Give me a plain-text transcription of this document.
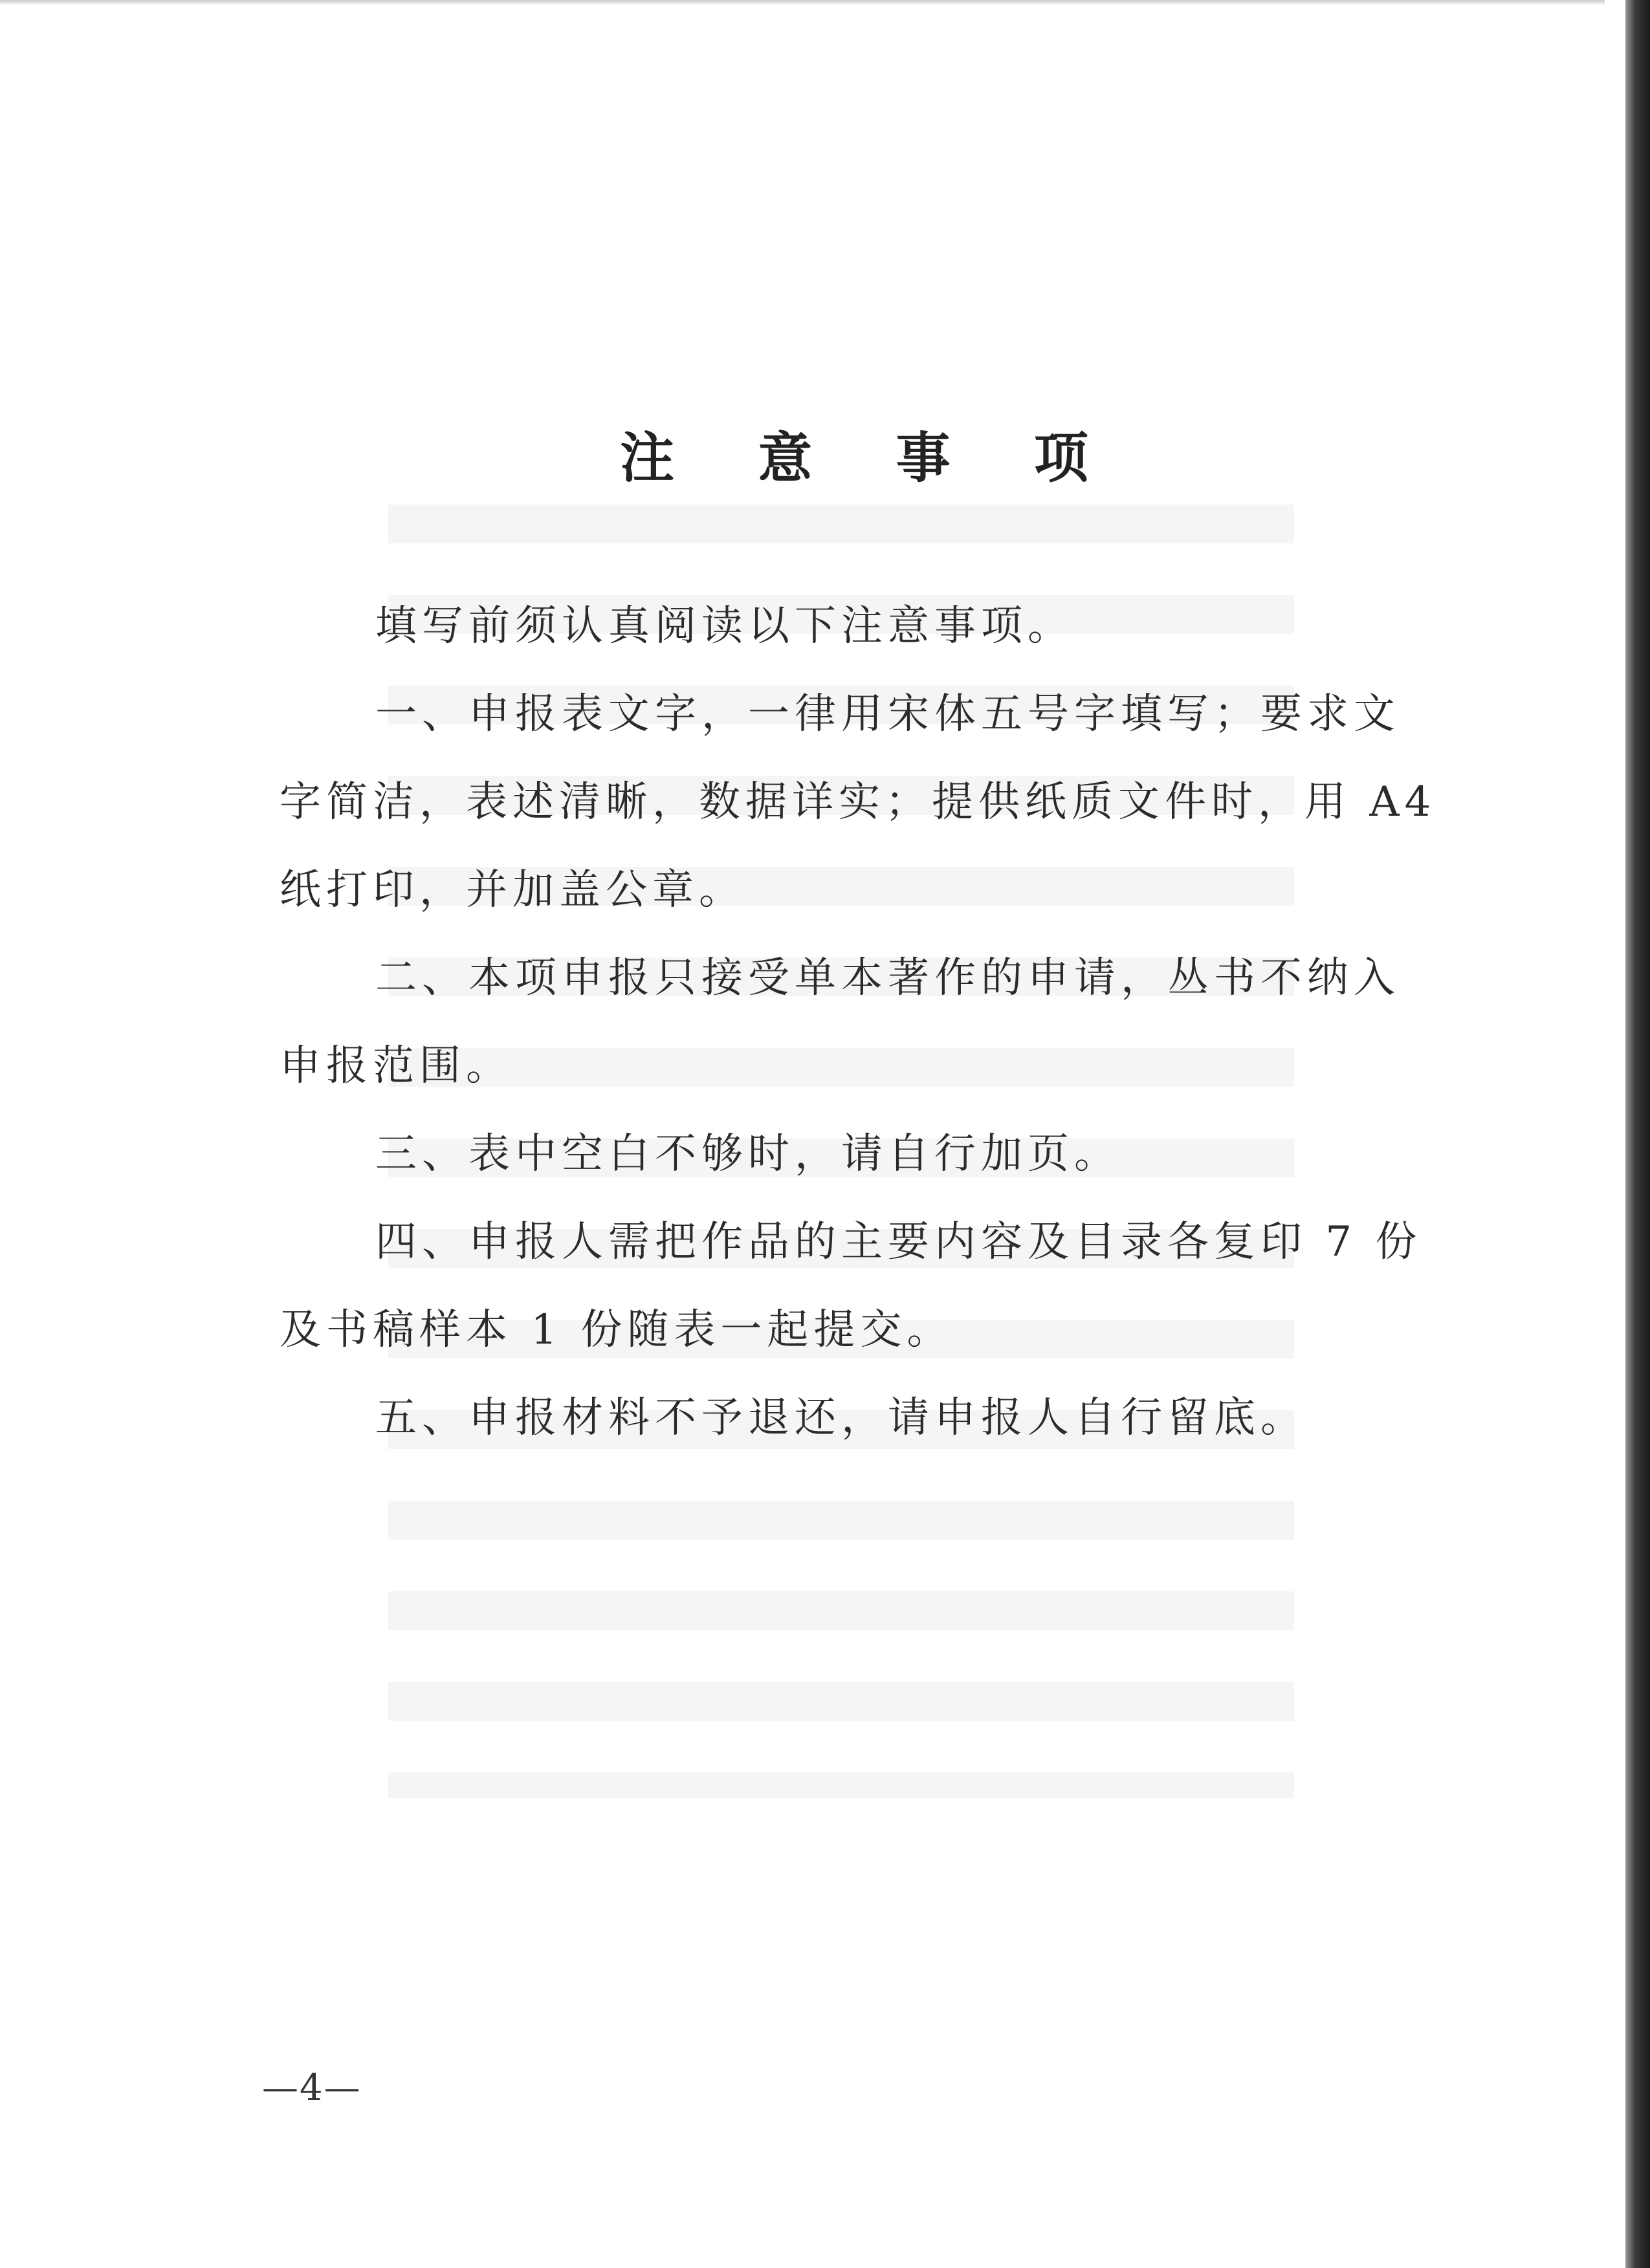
注 意 事 项

填写前须认真阅读以下注意事项。

一、申报表文字，一律用宋体五号字填写；要求文字简洁，表述清晰，数据详实；提供纸质文件时，用 A4 纸打印，并加盖公章。

二、本项申报只接受单本著作的申请，丛书不纳入申报范围。

三、表中空白不够时，请自行加页。

四、申报人需把作品的主要内容及目录各复印 7 份及书稿样本 1 份随表一起提交。

五、申报材料不予退还，请申报人自行留底。

—4—
